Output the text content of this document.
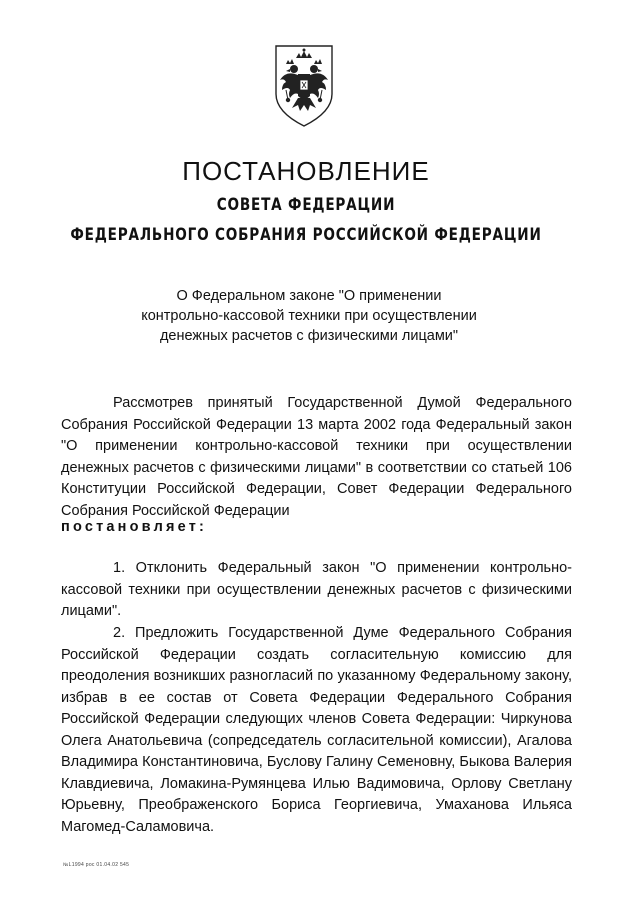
ПОСТАНОВЛЕНИЕ

СОВЕТА ФЕДЕРАЦИИ

ФЕДЕРАЛЬНОГО СОБРАНИЯ РОССИЙСКОЙ ФЕДЕРАЦИИ

О Федеральном законе "О применении
контрольно-кассовой техники при осуществлении
денежных расчетов с физическими лицами"

Рассмотрев принятый Государственной Думой Федерального Собрания Российской Федерации 13 марта 2002 года Федеральный закон "О применении контрольно-кассовой техники при осуществлении денежных расчетов с физическими лицами" в соответствии со статьей 106 Конституции Российской Федерации, Совет Федерации Федерального Собрания Российской Федерации

постановляет:

1. Отклонить Федеральный закон "О применении контрольно-кассовой техники при осуществлении денежных расчетов с физическими лицами".

2. Предложить Государственной Думе Федерального Собрания Российской Федерации создать согласительную комиссию для преодоления возникших разногласий по указанному Федеральному закону, избрав в ее состав от Совета Федерации Федерального Собрания Российской Федерации следующих членов Совета Федерации: Чиркунова Олега Анатольевича (сопредседатель согласительной комиссии), Агалова Владимира Константиновича, Буслову Галину Семеновну, Быкова Валерия Клавдиевича, Ломакина-Румянцева Илью Вадимовича, Орлову Светлану Юрьевну, Преображенского Бориса Георгиевича, Умаханова Ильяса Магомед-Саламовича.

№L1994 рос 01.04.02 545
